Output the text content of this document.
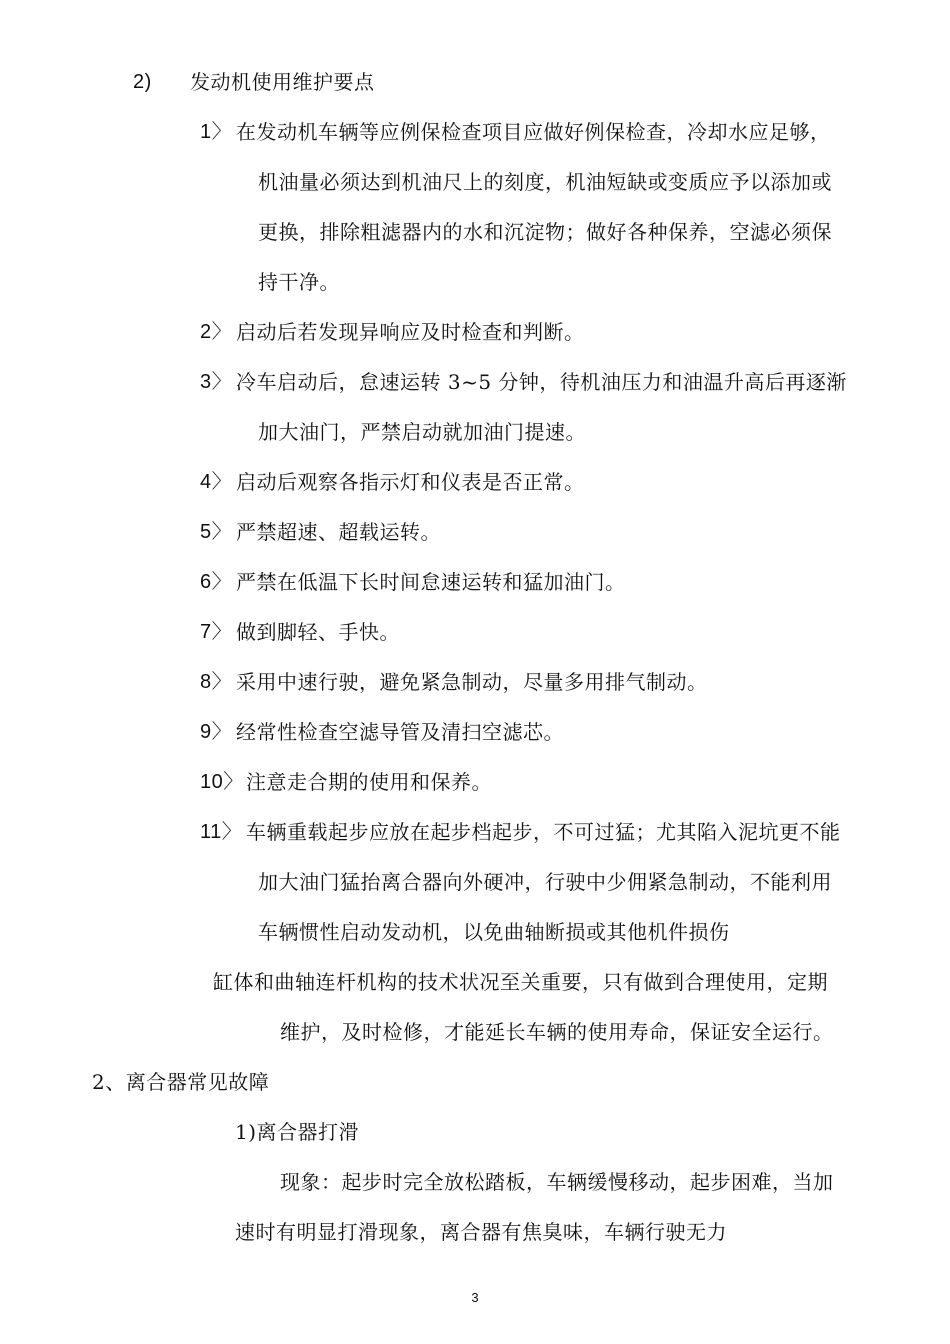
2) 发动机使用维护要点
1〉 在发动机车辆等应例保检查项目应做好例保检查，冷却水应足够，
机油量必须达到机油尺上的刻度，机油短缺或变质应予以添加或
更换，排除粗滤器内的水和沉淀物；做好各种保养，空滤必须保
持干净。
2〉 启动后若发现异响应及时检查和判断。
3〉 冷车启动后，怠速运转 3~5 分钟，待机油压力和油温升高后再逐渐
加大油门，严禁启动就加油门提速。
4〉 启动后观察各指示灯和仪表是否正常。
5〉 严禁超速、超载运转。
6〉 严禁在低温下长时间怠速运转和猛加油门。
7〉 做到脚轻、手快。
8〉 采用中速行驶，避免紧急制动，尽量多用排气制动。
9〉 经常性检查空滤导管及清扫空滤芯。
10〉 注意走合期的使用和保养。
11〉 车辆重载起步应放在起步档起步，不可过猛；尤其陷入泥坑更不能
加大油门猛抬离合器向外硬冲，行驶中少佣紧急制动，不能利用
车辆惯性启动发动机，以免曲轴断损或其他机件损伤
缸体和曲轴连杆机构的技术状况至关重要，只有做到合理使用，定期
维护，及时检修，才能延长车辆的使用寿命，保证安全运行。
2、离合器常见故障
1)离合器打滑
现象：起步时完全放松踏板，车辆缓慢移动，起步困难，当加
速时有明显打滑现象，离合器有焦臭味，车辆行驶无力
3
